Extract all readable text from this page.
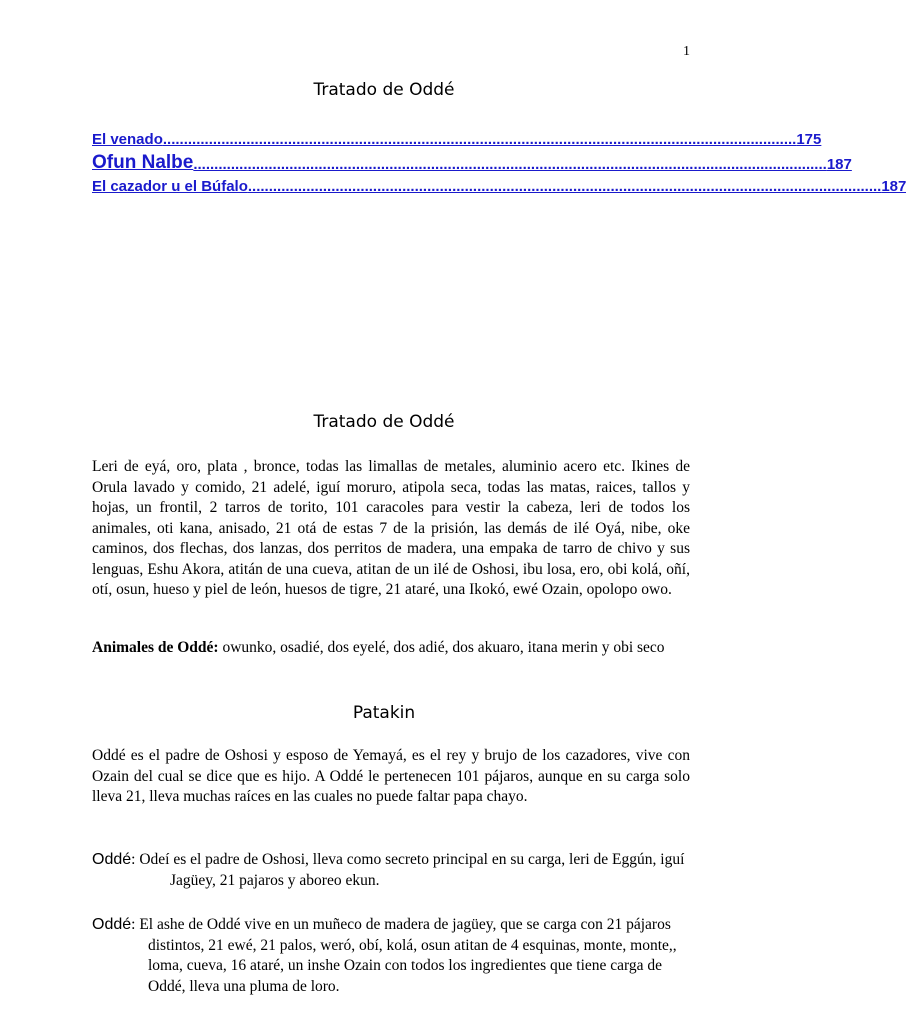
1
Tratado de Oddé
El venado ........................................................................................................................................................ 175
Ofun Nalbe ........................................................................................................................................................ 187
El cazador u el Búfalo ........................................................................................................................................................ 187
Tratado de Oddé

Leri de eyá, oro, plata , bronce, todas las limallas de metales, aluminio acero etc. Ikines de Orula lavado y comido, 21 adelé, iguí moruro, atipola seca, todas las matas, raices, tallos y hojas, un frontil, 2 tarros de torito, 101 caracoles para vestir la cabeza, leri de todos los animales, oti kana, anisado, 21 otá de estas 7 de la prisión, las demás de ilé Oyá, nibe, oke caminos, dos flechas, dos lanzas, dos perritos de madera, una empaka de tarro de chivo y sus lenguas, Eshu Akora, atitán de una cueva, atitan de un ilé de Oshosi, ibu losa, ero, obi kolá, oñí, otí, osun, hueso y piel de león, huesos de tigre, 21 ataré, una Ikokó, ewé Ozain, opolopo owo.

Animales de Oddé: owunko, osadié, dos eyelé, dos adié, dos akuaro, itana merin y obi seco

Patakin

Oddé es el padre de Oshosi y esposo de Yemayá, es el rey y brujo de los cazadores, vive con Ozain del cual se dice que es hijo. A Oddé le pertenecen 101 pájaros, aunque en su carga solo lleva 21, lleva muchas raíces en las cuales no puede faltar papa chayo.

Oddé: Odeí es el padre de Oshosi, lleva como secreto principal en su carga, leri de Eggún, iguí Jagüey, 21 pajaros y aboreo ekun.

Oddé: El ashe de Oddé vive en un muñeco de madera de jagüey, que se carga con 21 pájaros distintos, 21 ewé, 21 palos, weró, obí, kolá, osun atitan de 4 esquinas, monte, monte,, loma, cueva, 16 ataré, un inshe Ozain con todos los ingredientes que tiene carga de Oddé, lleva una pluma de loro.
